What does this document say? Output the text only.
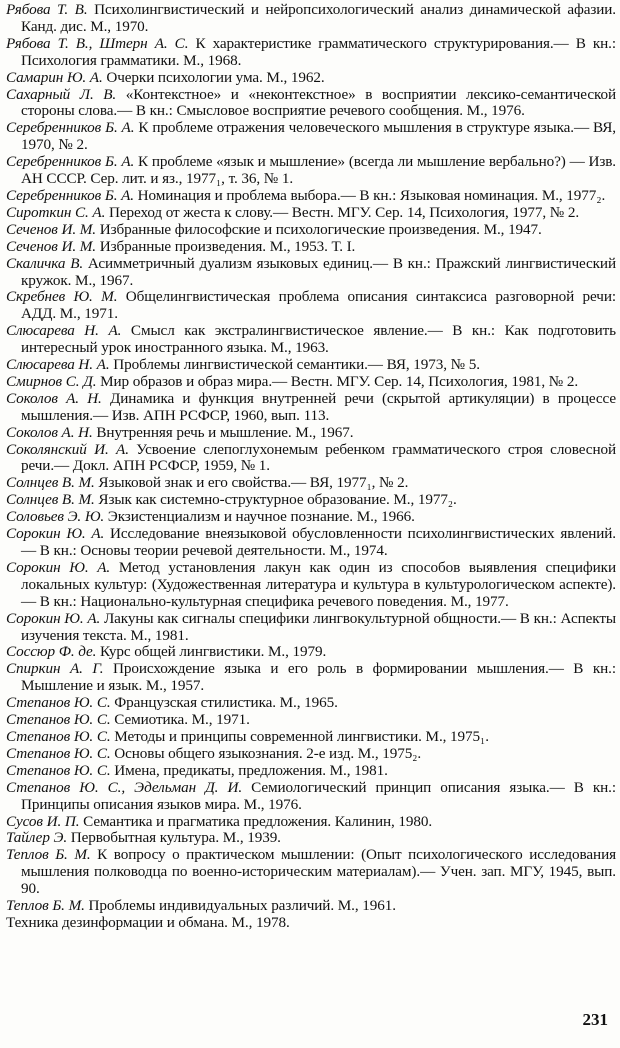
Рябова Т. В. Психолингвистический и нейропсихологический анализ динамической афазии. Канд. дис. М., 1970.

Рябова Т. В., Штерн А. С. К характеристике грамматического структурирования.— В кн.: Психология грамматики. М., 1968.

Самарин Ю. А. Очерки психологии ума. М., 1962.

Сахарный Л. В. «Контекстное» и «неконтекстное» в восприятии лексико-семантической стороны слова.— В кн.: Смысловое восприятие речевого сообщения. М., 1976.

Серебренников Б. А. К проблеме отражения человеческого мышления в структуре языка.— ВЯ, 1970, № 2.

Серебренников Б. А. К проблеме «язык и мышление» (всегда ли мышление вербально?) — Изв. АН СССР. Сер. лит. и яз., 1977₁, т. 36, № 1.

Серебренников Б. А. Номинация и проблема выбора.— В кн.: Языковая номинация. М., 1977₂.

Сироткин С. А. Переход от жеста к слову.— Вестн. МГУ. Сер. 14, Психология, 1977, № 2.

Сеченов И. М. Избранные философские и психологические произведения. М., 1947.

Сеченов И. М. Избранные произведения. М., 1953. Т. I.

Скаличка В. Асимметричный дуализм языковых единиц.— В кн.: Пражский лингвистический кружок. М., 1967.

Скребнев Ю. М. Общелингвистическая проблема описания синтаксиса разговорной речи: АДД. М., 1971.

Слюсарева Н. А. Смысл как экстралингвистическое явление.— В кн.: Как подготовить интересный урок иностранного языка. М., 1963.

Слюсарева Н. А. Проблемы лингвистической семантики.— ВЯ, 1973, № 5.

Смирнов С. Д. Мир образов и образ мира.— Вестн. МГУ. Сер. 14, Психология, 1981, № 2.

Соколов А. Н. Динамика и функция внутренней речи (скрытой артикуляции) в процессе мышления.— Изв. АПН РСФСР, 1960, вып. 113.

Соколов А. Н. Внутренняя речь и мышление. М., 1967.

Соколянский И. А. Усвоение слепоглухонемым ребенком грамматического строя словесной речи.— Докл. АПН РСФСР, 1959, № 1.

Солнцев В. М. Языковой знак и его свойства.— ВЯ, 1977₁, № 2.

Солнцев В. М. Язык как системно-структурное образование. М., 1977₂.

Соловьев Э. Ю. Экзистенциализм и научное познание. М., 1966.

Сорокин Ю. А. Исследование внеязыковой обусловленности психолингвистических явлений.— В кн.: Основы теории речевой деятельности. М., 1974.

Сорокин Ю. А. Метод установления лакун как один из способов выявления специфики локальных культур: (Художественная литература и культура в культурологическом аспекте).— В кн.: Национально-культурная специфика речевого поведения. М., 1977.

Сорокин Ю. А. Лакуны как сигналы специфики лингвокультурной общности.— В кн.: Аспекты изучения текста. М., 1981.

Соссюр Ф. де. Курс общей лингвистики. М., 1979.

Спиркин А. Г. Происхождение языка и его роль в формировании мышления.— В кн.: Мышление и язык. М., 1957.

Степанов Ю. С. Французская стилистика. М., 1965.

Степанов Ю. С. Семиотика. М., 1971.

Степанов Ю. С. Методы и принципы современной лингвистики. М., 1975₁.

Степанов Ю. С. Основы общего языкознания. 2-е изд. М., 1975₂.

Степанов Ю. С. Имена, предикаты, предложения. М., 1981.

Степанов Ю. С., Эдельман Д. И. Семиологический принцип описания языка.— В кн.: Принципы описания языков мира. М., 1976.

Сусов И. П. Семантика и прагматика предложения. Калинин, 1980.

Тайлер Э. Первобытная культура. М., 1939.

Теплов Б. М. К вопросу о практическом мышлении: (Опыт психологического исследования мышления полководца по военно-историческим материалам).— Учен. зап. МГУ, 1945, вып. 90.

Теплов Б. М. Проблемы индивидуальных различий. М., 1961.

Техника дезинформации и обмана. М., 1978.

231
